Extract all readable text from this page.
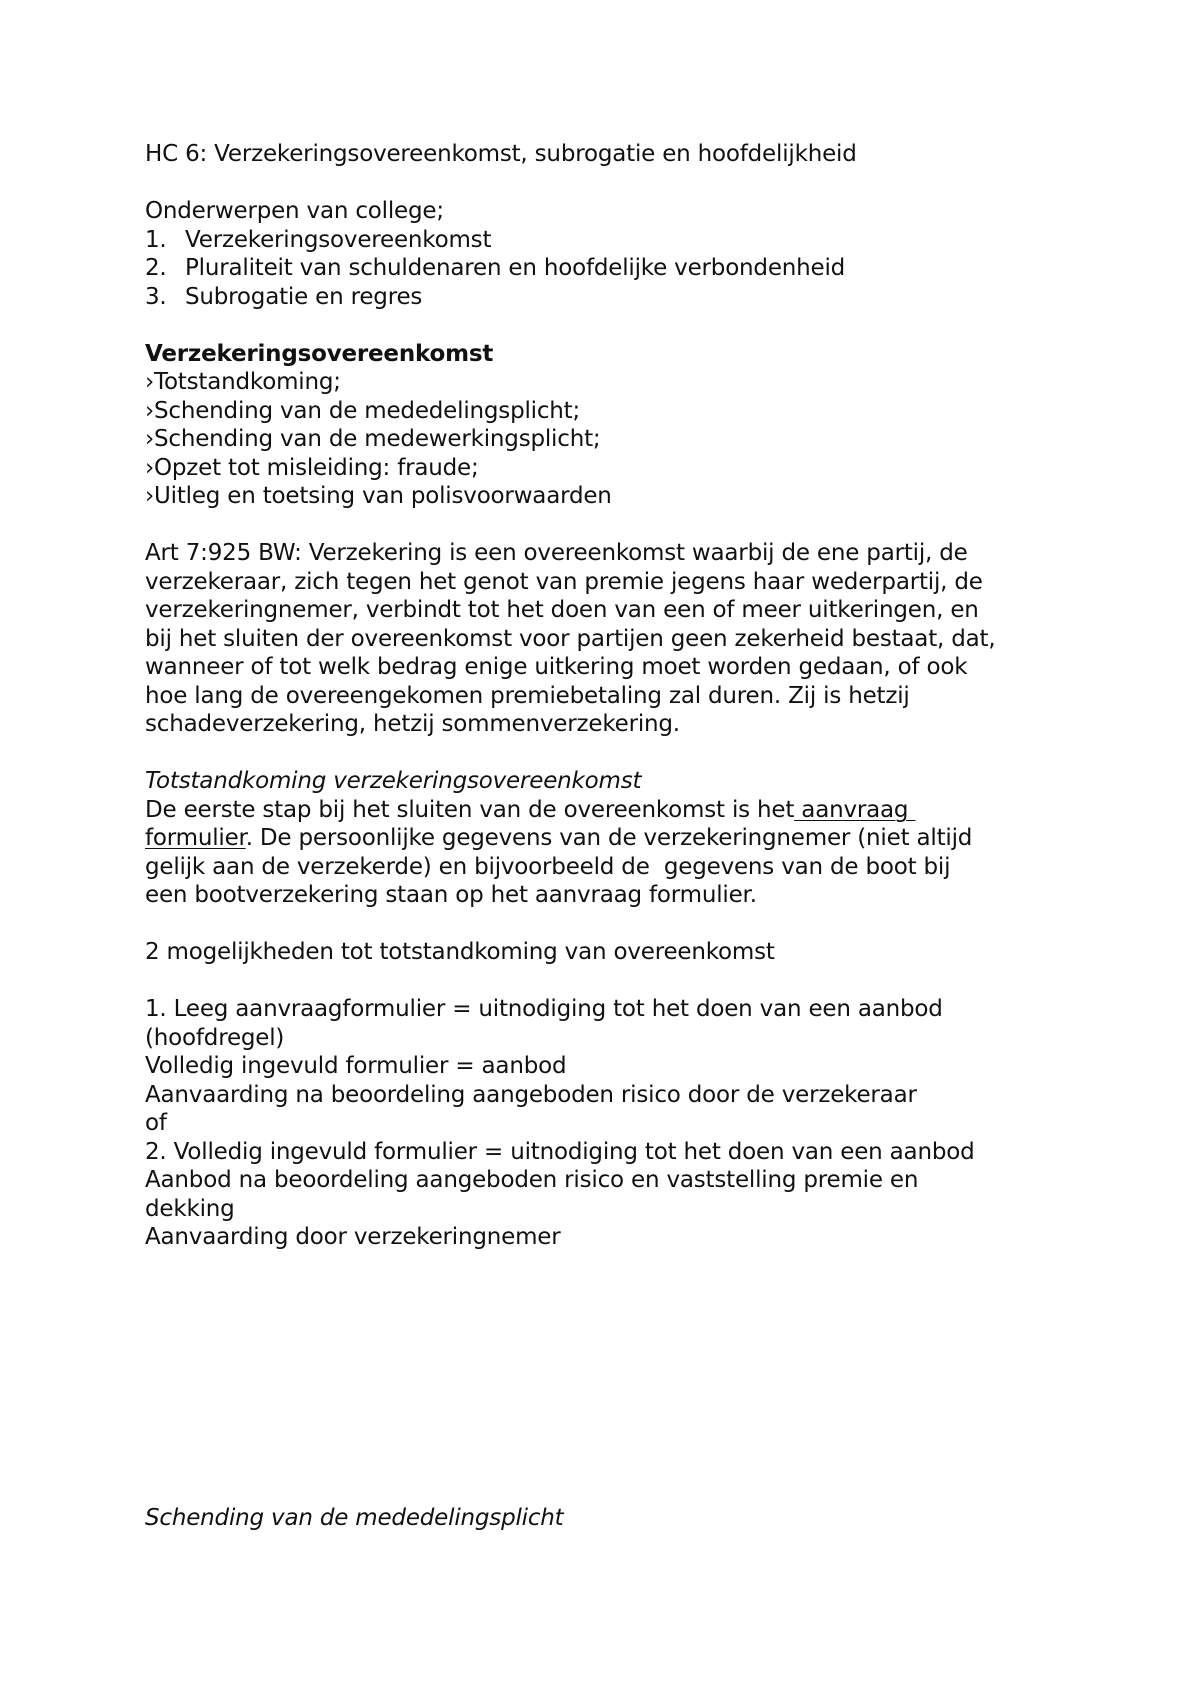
HC 6: Verzekeringsovereenkomst, subrogatie en hoofdelijkheid
Onderwerpen van college;
1. Verzekeringsovereenkomst
2. Pluraliteit van schuldenaren en hoofdelijke verbondenheid
3. Subrogatie en regres
Verzekeringsovereenkomst
›Totstandkoming;
›Schending van de mededelingsplicht;
›Schending van de medewerkingsplicht;
›Opzet tot misleiding: fraude;
›Uitleg en toetsing van polisvoorwaarden
Art 7:925 BW: Verzekering is een overeenkomst waarbij de ene partij, de
verzekeraar, zich tegen het genot van premie jegens haar wederpartij, de
verzekeringnemer, verbindt tot het doen van een of meer uitkeringen, en
bij het sluiten der overeenkomst voor partijen geen zekerheid bestaat, dat,
wanneer of tot welk bedrag enige uitkering moet worden gedaan, of ook
hoe lang de overeengekomen premiebetaling zal duren. Zij is hetzij
schadeverzekering, hetzij sommenverzekering.
Totstandkoming verzekeringsovereenkomst
De eerste stap bij het sluiten van de overeenkomst is het aanvraag
formulier. De persoonlijke gegevens van de verzekeringnemer (niet altijd
gelijk aan de verzekerde) en bijvoorbeeld de  gegevens van de boot bij
een bootverzekering staan op het aanvraag formulier.
2 mogelijkheden tot totstandkoming van overeenkomst
1. Leeg aanvraagformulier = uitnodiging tot het doen van een aanbod
(hoofdregel)
Volledig ingevuld formulier = aanbod
Aanvaarding na beoordeling aangeboden risico door de verzekeraar
of
2. Volledig ingevuld formulier = uitnodiging tot het doen van een aanbod
Aanbod na beoordeling aangeboden risico en vaststelling premie en
dekking
Aanvaarding door verzekeringnemer
Schending van de mededelingsplicht
